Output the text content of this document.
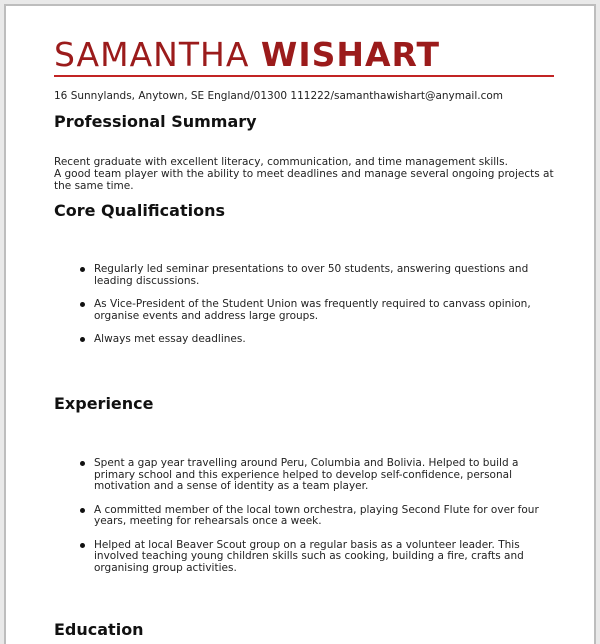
SAMANTHA WISHART
16 Sunnylands, Anytown, SE England/01300 111222/samanthawishart@anymail.com
Professional Summary
Recent graduate with excellent literacy, communication, and time management skills.
A good team player with the ability to meet deadlines and manage several ongoing projects at the same time.
Core Qualifications
Regularly led seminar presentations to over 50 students, answering questions and leading discussions.
As Vice-President of the Student Union was frequently required to canvass opinion, organise events and address large groups.
Always met essay deadlines.
Experience
Spent a gap year travelling around Peru, Columbia and Bolivia. Helped to build a primary school and this experience helped to develop self-confidence, personal motivation and a sense of identity as a team player.
A committed member of the local town orchestra, playing Second Flute for over four years, meeting for rehearsals once a week.
Helped at local Beaver Scout group on a regular basis as a volunteer leader. This involved teaching young children skills such as cooking, building a fire, crafts and organising group activities.
Education
